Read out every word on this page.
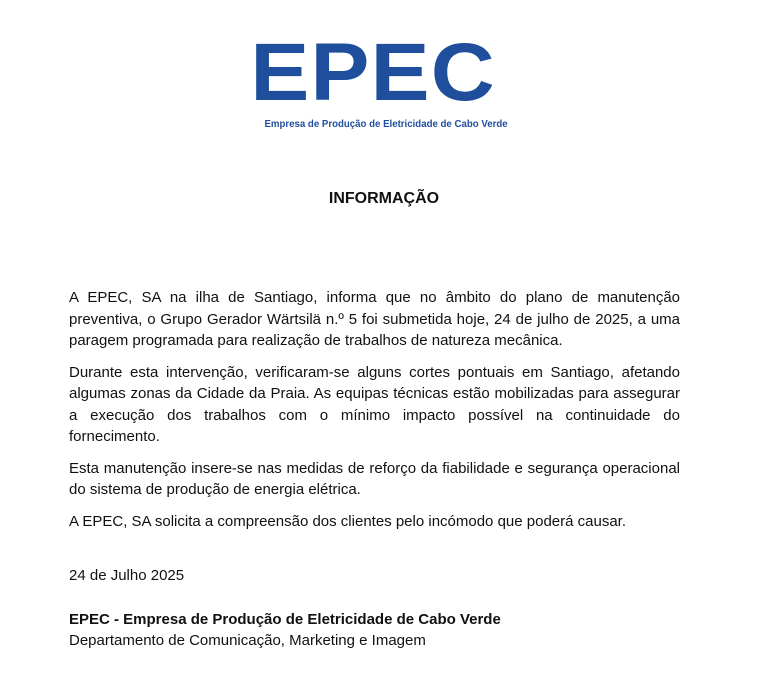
EPEC
Empresa de Produção de Eletricidade de Cabo Verde
INFORMAÇÃO

A EPEC, SA na ilha de Santiago, informa que no âmbito do plano de manutenção preventiva, o Grupo Gerador Wärtsilä n.º 5 foi submetida hoje, 24 de julho de 2025, a uma paragem programada para realização de trabalhos de natureza mecânica.

Durante esta intervenção, verificaram-se alguns cortes pontuais em Santiago, afetando algumas zonas da Cidade da Praia. As equipas técnicas estão mobilizadas para assegurar a execução dos trabalhos com o mínimo impacto possível na continuidade do fornecimento.

Esta manutenção insere-se nas medidas de reforço da fiabilidade e segurança operacional do sistema de produção de energia elétrica.

A EPEC, SA solicita a compreensão dos clientes pelo incómodo que poderá causar.

24 de Julho 2025

EPEC - Empresa de Produção de Eletricidade de Cabo Verde
Departamento de Comunicação, Marketing e Imagem
